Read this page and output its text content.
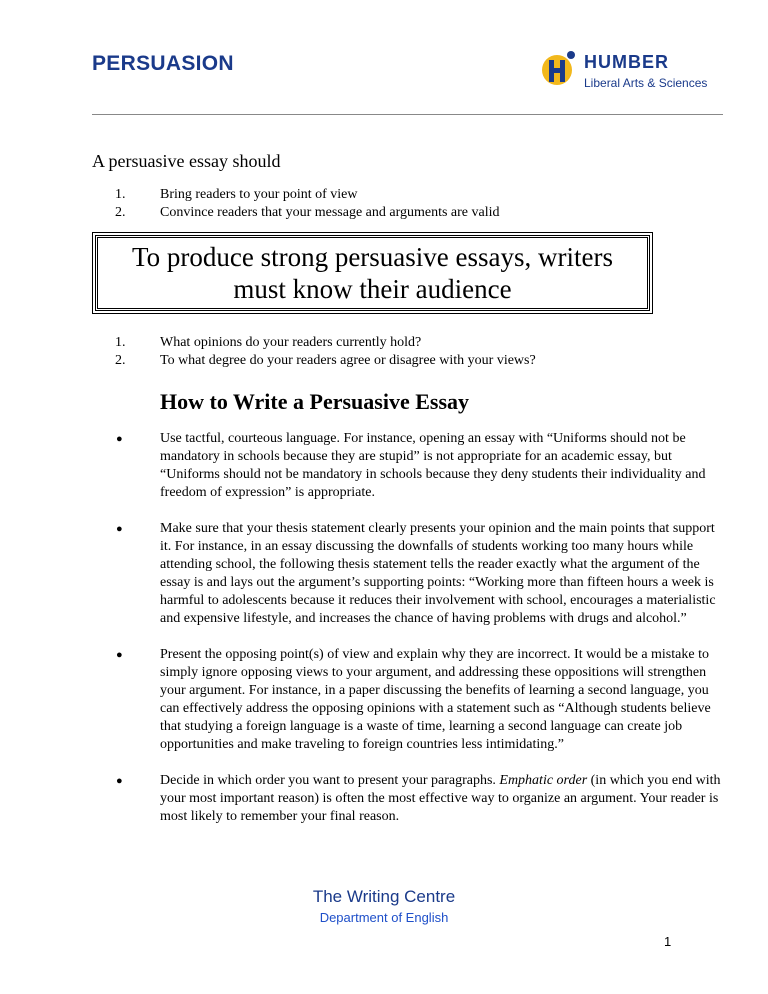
PERSUASION	HUMBER
Liberal Arts & Sciences
A persuasive essay should
1.	Bring readers to your point of view
2.	Convince readers that your message and arguments are valid
To produce strong persuasive essays, writers
must know their audience
1.	What opinions do your readers currently hold?
2.	To what degree do your readers agree or disagree with your views?
How to Write a Persuasive Essay
●	Use tactful, courteous language. For instance, opening an essay with “Uniforms should not be mandatory in schools because they are stupid” is not appropriate for an academic essay, but “Uniforms should not be mandatory in schools because they deny students their individuality and freedom of expression” is appropriate.
●	Make sure that your thesis statement clearly presents your opinion and the main points that support it. For instance, in an essay discussing the downfalls of students working too many hours while attending school, the following thesis statement tells the reader exactly what the argument of the essay is and lays out the argument’s supporting points: “Working more than fifteen hours a week is harmful to adolescents because it reduces their involvement with school, encourages a materialistic and expensive lifestyle, and increases the chance of having problems with drugs and alcohol.”
●	Present the opposing point(s) of view and explain why they are incorrect. It would be a mistake to simply ignore opposing views to your argument, and addressing these oppositions will strengthen your argument. For instance, in a paper discussing the benefits of learning a second language, you can effectively address the opposing opinions with a statement such as “Although students believe that studying a foreign language is a waste of time, learning a second language can create job opportunities and make traveling to foreign countries less intimidating.”
●	Decide in which order you want to present your paragraphs. Emphatic order (in which you end with your most important reason) is often the most effective way to organize an argument. Your reader is most likely to remember your final reason.
The Writing Centre
Department of English
1
